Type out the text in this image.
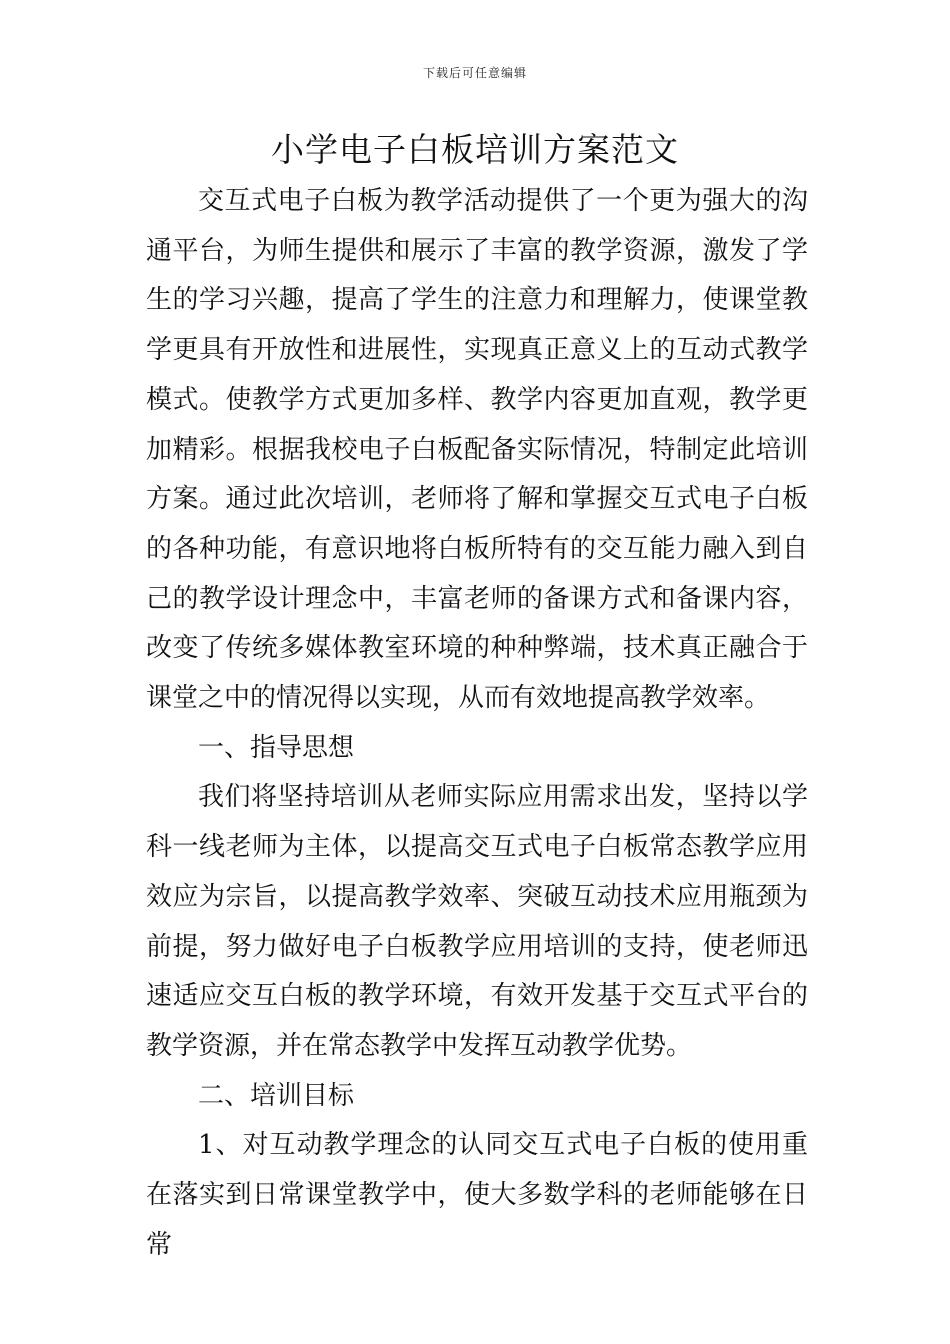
下载后可任意编辑
小学电子白板培训方案范文

交互式电子白板为教学活动提供了一个更为强大的沟通平台，为师生提供和展示了丰富的教学资源，激发了学生的学习兴趣，提高了学生的注意力和理解力，使课堂教学更具有开放性和进展性，实现真正意义上的互动式教学模式。使教学方式更加多样、教学内容更加直观，教学更加精彩。根据我校电子白板配备实际情况，特制定此培训方案。通过此次培训，老师将了解和掌握交互式电子白板的各种功能，有意识地将白板所特有的交互能力融入到自己的教学设计理念中，丰富老师的备课方式和备课内容，改变了传统多媒体教室环境的种种弊端，技术真正融合于课堂之中的情况得以实现，从而有效地提高教学效率。

一、指导思想

我们将坚持培训从老师实际应用需求出发，坚持以学科一线老师为主体，以提高交互式电子白板常态教学应用效应为宗旨，以提高教学效率、突破互动技术应用瓶颈为前提，努力做好电子白板教学应用培训的支持，使老师迅速适应交互白板的教学环境，有效开发基于交互式平台的教学资源，并在常态教学中发挥互动教学优势。

二、培训目标

1、对互动教学理念的认同交互式电子白板的使用重在落实到日常课堂教学中，使大多数学科的老师能够在日常
